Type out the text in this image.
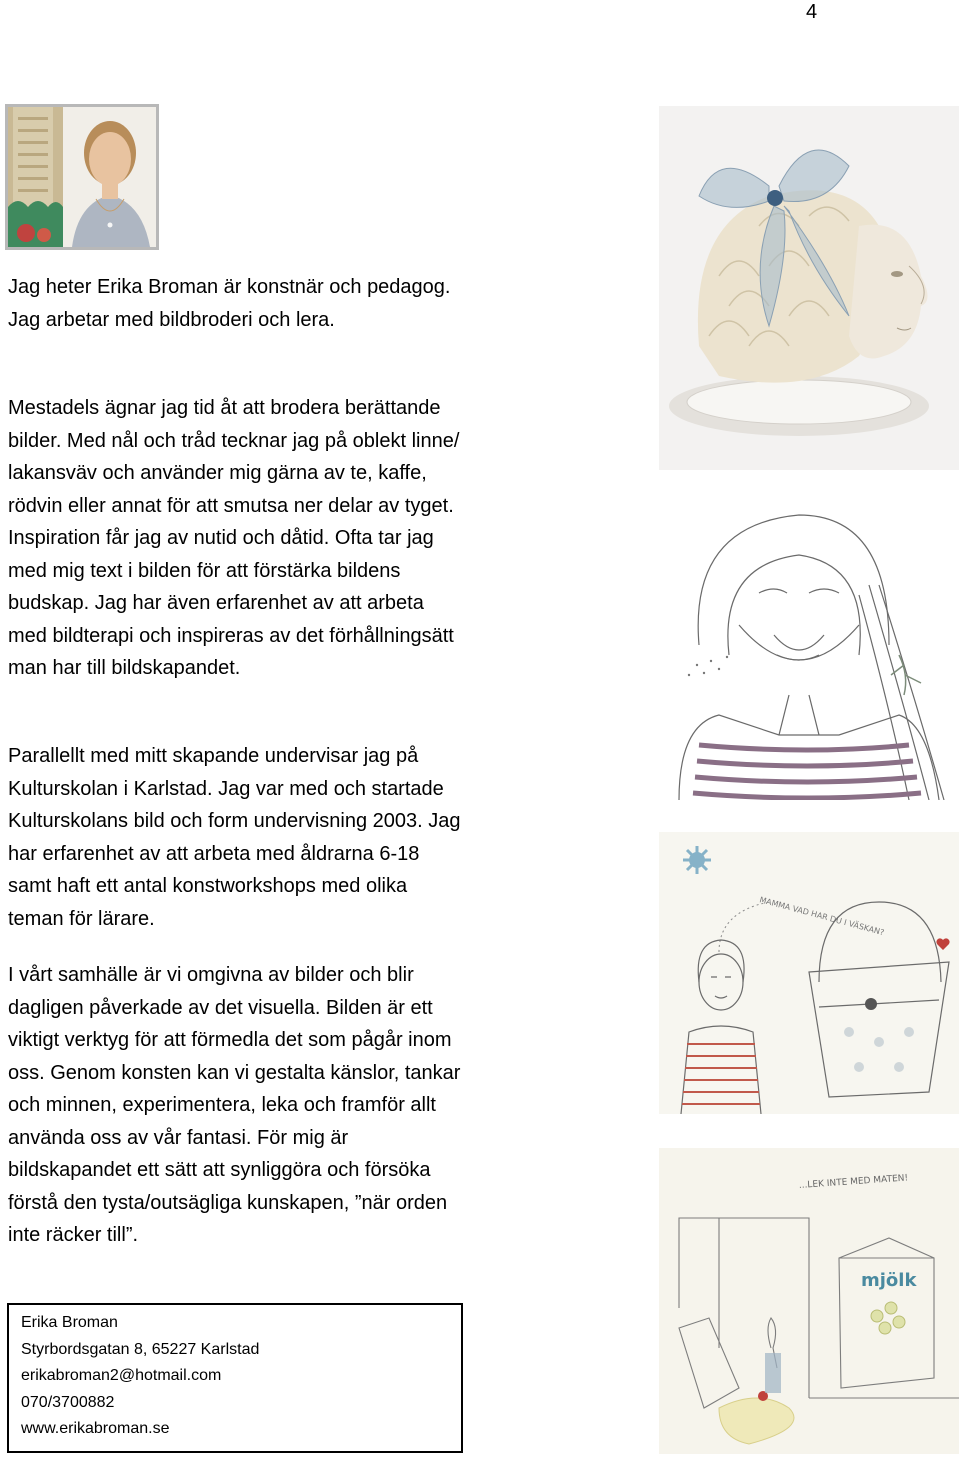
4

Jag heter Erika Broman är konstnär och pedagog. Jag arbetar med bildbroderi och lera.

Mestadels ägnar jag tid åt att brodera berättande bilder. Med nål och tråd tecknar jag på oblekt linne/ lakansväv och använder mig gärna av te, kaffe, rödvin eller annat för att smutsa ner delar av tyget. Inspiration får jag av nutid och dåtid. Ofta tar jag med mig text i bilden för att förstärka bildens budskap. Jag har även erfarenhet av att arbeta med bildterapi och inspireras av det förhållningsätt man har till bildskapandet.

Parallellt med mitt skapande undervisar jag på Kulturskolan i Karlstad. Jag var med och startade Kulturskolans bild och form undervisning 2003. Jag har erfarenhet av att arbeta med åldrarna 6-18 samt haft ett antal konstworkshops med olika teman för lärare.

I vårt samhälle är vi omgivna av bilder och blir dagligen påverkade av det visuella. Bilden är ett viktigt verktyg för att förmedla det som pågår inom oss. Genom konsten kan vi gestalta känslor, tankar och minnen, experimentera, leka och framför allt använda oss av vår fantasi. För mig är bildskapandet ett sätt att synliggöra och försöka förstå den tysta/outsägliga kunskapen, ”när orden inte räcker till”.

Erika Broman
Styrbordsgatan 8, 65227 Karlstad
erikabroman2@hotmail.com
070/3700882
www.erikabroman.se
MAMMA VAD HAR DU I VÄSKAN?
...LEK INTE MED MATEN!
mjölk
